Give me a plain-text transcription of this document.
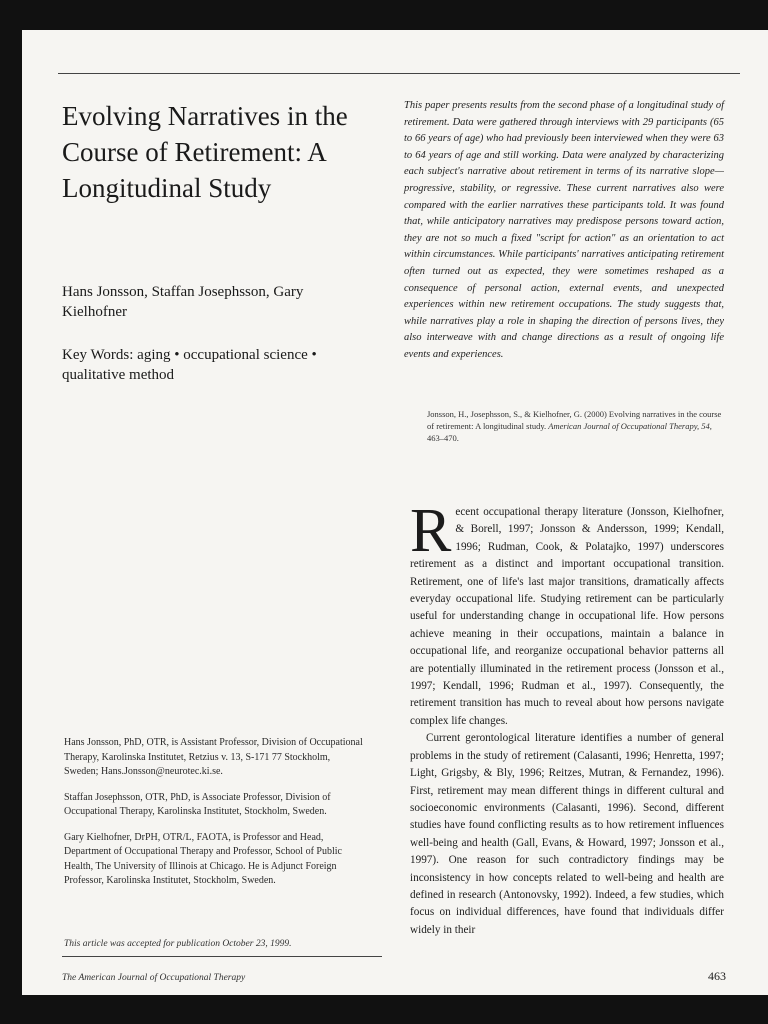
Evolving Narratives in the Course of Retirement: A Longitudinal Study

Hans Jonsson, Staffan Josephsson, Gary Kielhofner

Key Words: aging • occupational science • qualitative method

This paper presents results from the second phase of a longitudinal study of retirement. Data were gathered through interviews with 29 participants (65 to 66 years of age) who had previously been interviewed when they were 63 to 64 years of age and still working. Data were analyzed by characterizing each subject's narrative about retirement in terms of its narrative slope—progressive, stability, or regressive. These current narratives also were compared with the earlier narratives these participants told. It was found that, while anticipatory narratives may predispose persons toward action, they are not so much a fixed "script for action" as an orientation to act within circumstances. While participants' narratives anticipating retirement often turned out as expected, they were sometimes reshaped as a consequence of personal action, external events, and unexpected experiences within new retirement occupations. The study suggests that, while narratives play a role in shaping the direction of persons lives, they also interweave with and change directions as a result of ongoing life events and experiences.

Jonsson, H., Josephsson, S., & Kielhofner, G. (2000) Evolving narratives in the course of retirement: A longitudinal study. American Journal of Occupational Therapy, 54, 463–470.

Recent occupational therapy literature (Jonsson, Kielhofner, & Borell, 1997; Jonsson & Andersson, 1999; Kendall, 1996; Rudman, Cook, & Polatajko, 1997) underscores retirement as a distinct and important occupational transition. Retirement, one of life's last major transitions, dramatically affects everyday occupational life. Studying retirement can be particularly useful for understanding change in occupational life. How persons achieve meaning in their occupations, maintain a balance in occupational life, and reorganize occupational behavior patterns all are potentially illuminated in the retirement process (Jonsson et al., 1997; Kendall, 1996; Rudman et al., 1997). Consequently, the retirement transition has much to reveal about how persons navigate complex life changes.

Current gerontological literature identifies a number of general problems in the study of retirement (Calasanti, 1996; Henretta, 1997; Light, Grigsby, & Bly, 1996; Reitzes, Mutran, & Fernandez, 1996). First, retirement may mean different things in different cultural and socioeconomic environments (Calasanti, 1996). Second, different studies have found conflicting results as to how retirement influences well-being and health (Gall, Evans, & Howard, 1997; Jonsson et al., 1997). One reason for such contradictory findings may be inconsistency in how concepts related to well-being and health are defined in research (Antonovsky, 1992). Indeed, a few studies, which focus on individual differences, have found that individuals differ widely in their

Hans Jonsson, PhD, OTR, is Assistant Professor, Division of Occupational Therapy, Karolinska Institutet, Retzius v. 13, S-171 77 Stockholm, Sweden; Hans.Jonsson@neurotec.ki.se.

Staffan Josephsson, OTR, PhD, is Associate Professor, Division of Occupational Therapy, Karolinska Institutet, Stockholm, Sweden.

Gary Kielhofner, DrPH, OTR/L, FAOTA, is Professor and Head, Department of Occupational Therapy and Professor, School of Public Health, The University of Illinois at Chicago. He is Adjunct Foreign Professor, Karolinska Institutet, Stockholm, Sweden.

This article was accepted for publication October 23, 1999.

The American Journal of Occupational Therapy	463
